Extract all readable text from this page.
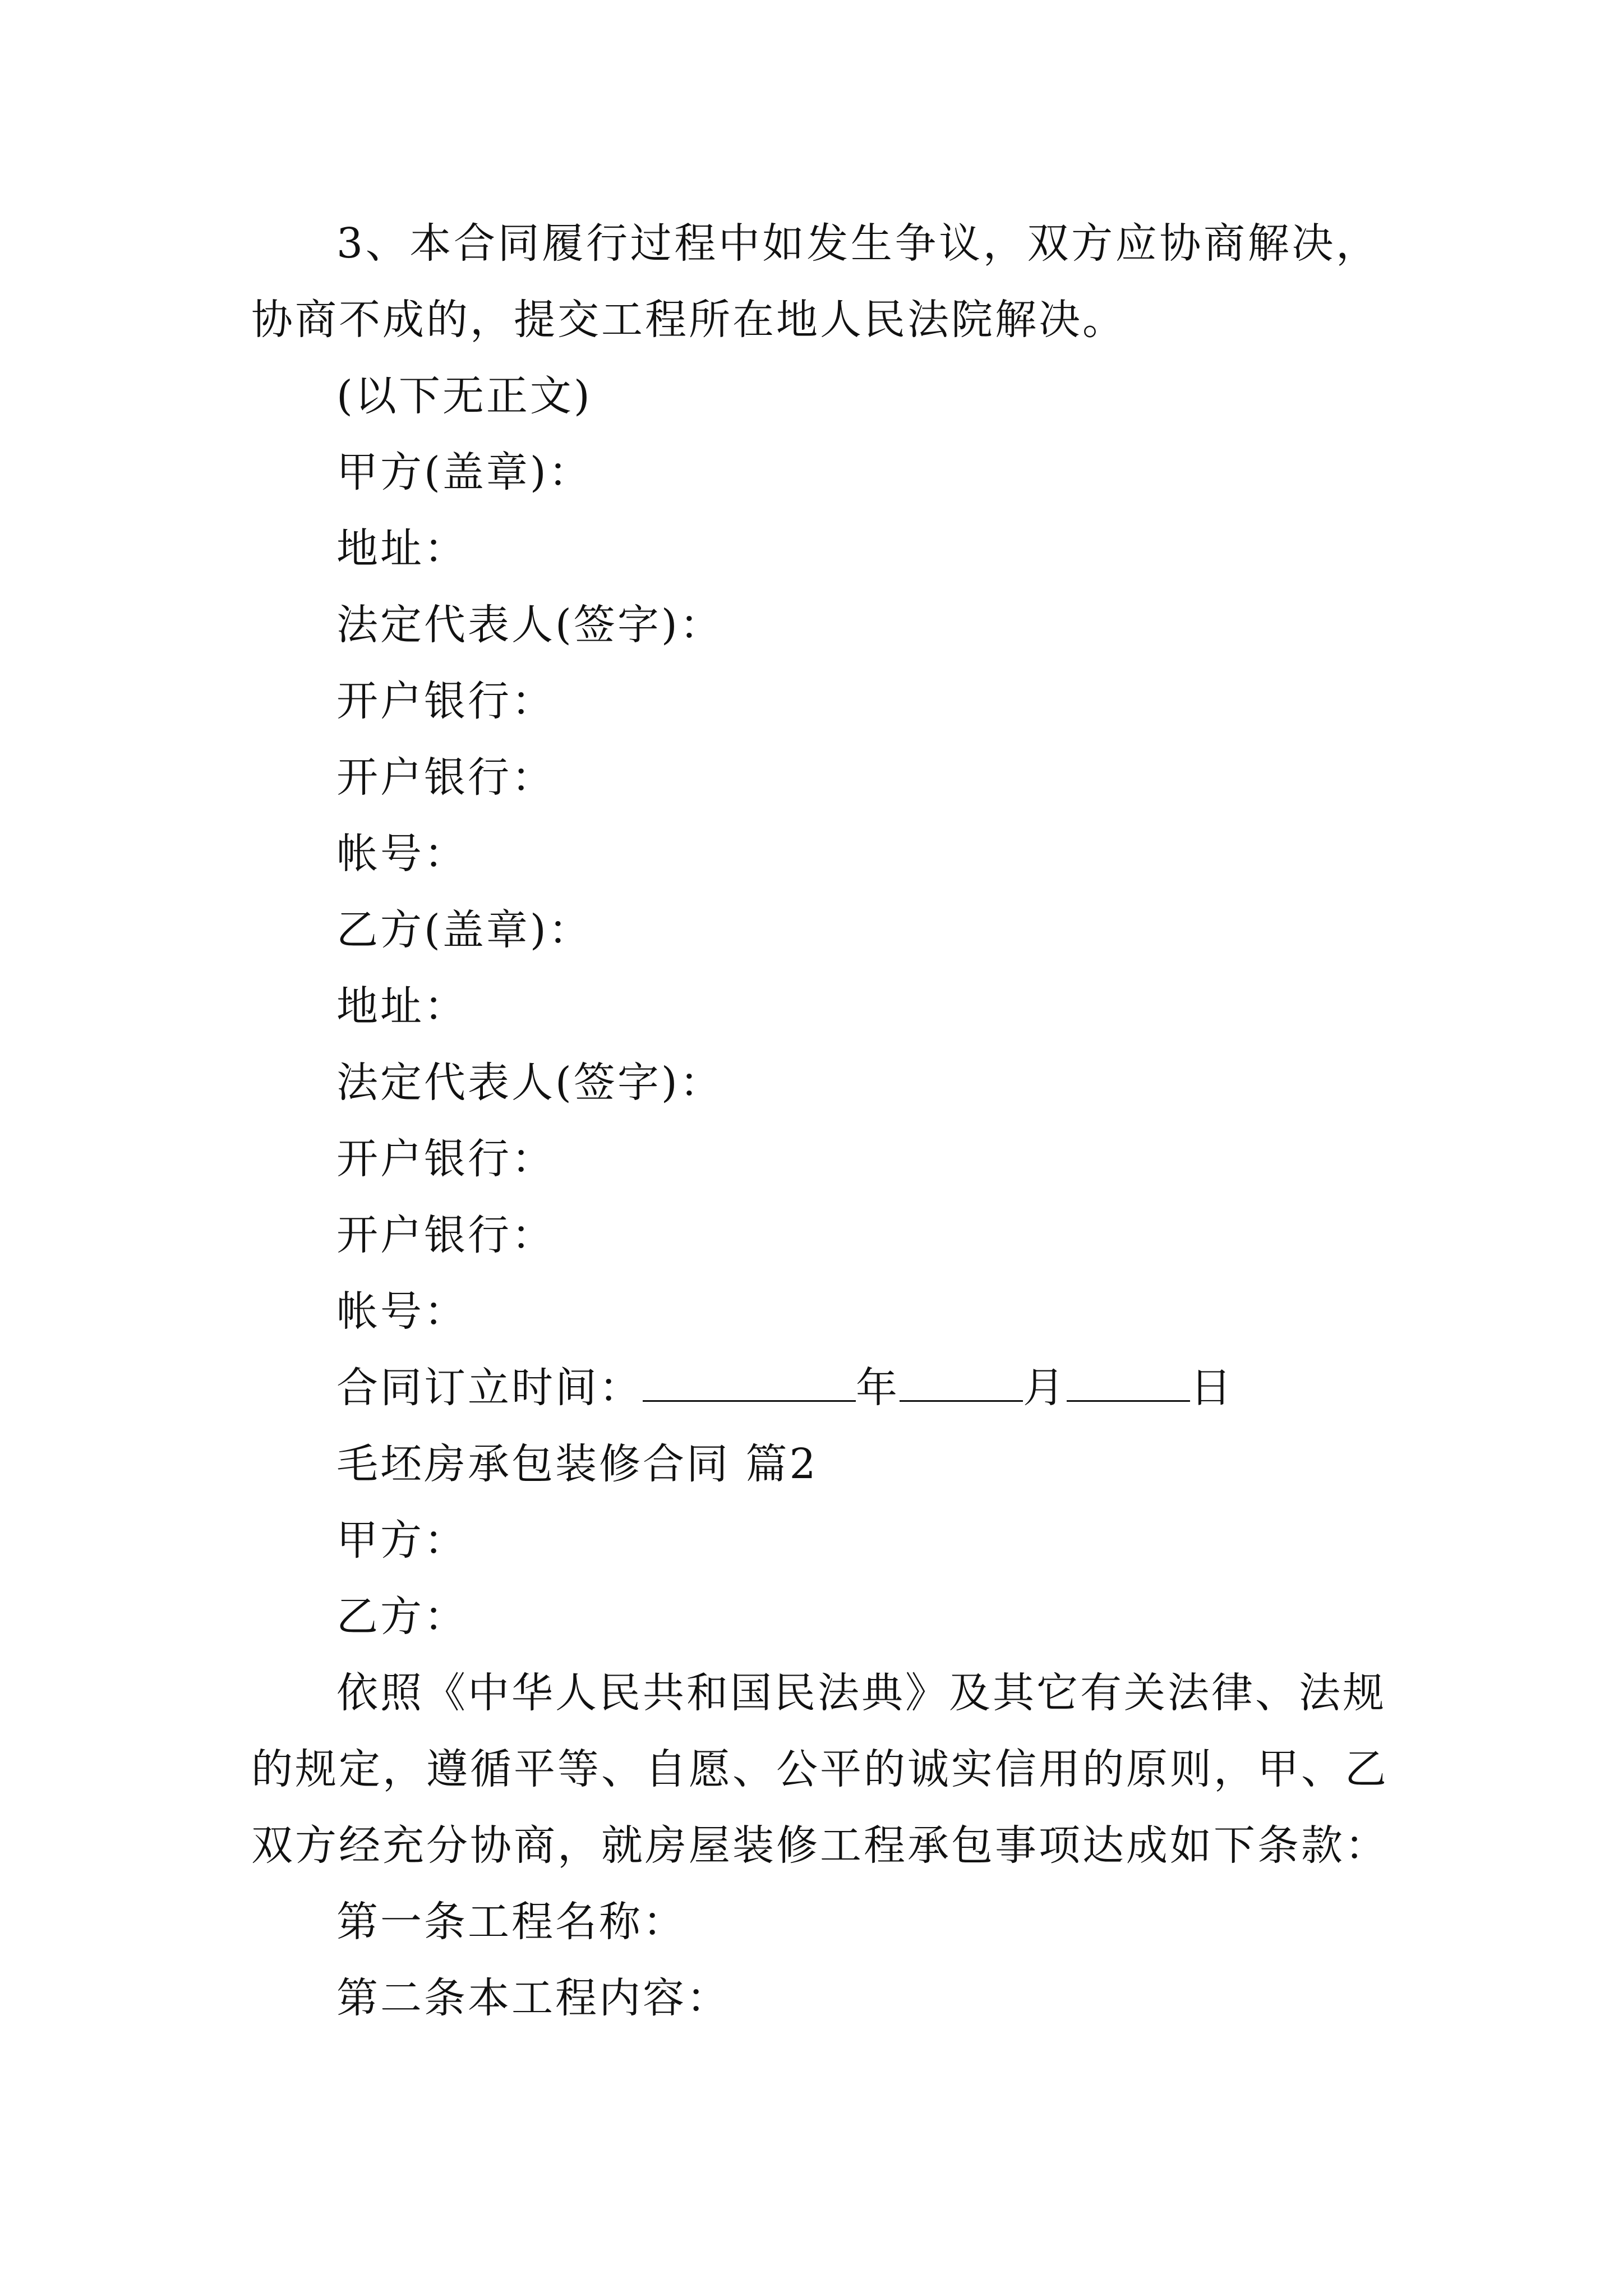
3、本合同履行过程中如发生争议，双方应协商解决，
协商不成的，提交工程所在地人民法院解决。
(以下无正文)
甲方(盖章)：
地址：
法定代表人(签字)：
开户银行：
开户银行：
帐号：
乙方(盖章)：
地址：
法定代表人(签字)：
开户银行：
开户银行：
帐号：
合同订立时间：	年	月	日
毛坯房承包装修合同 篇2
甲方：
乙方：
依照《中华人民共和国民法典》及其它有关法律、法规
的规定，遵循平等、自愿、公平的诚实信用的原则，甲、乙
双方经充分协商，就房屋装修工程承包事项达成如下条款：
第一条工程名称：
第二条本工程内容：
